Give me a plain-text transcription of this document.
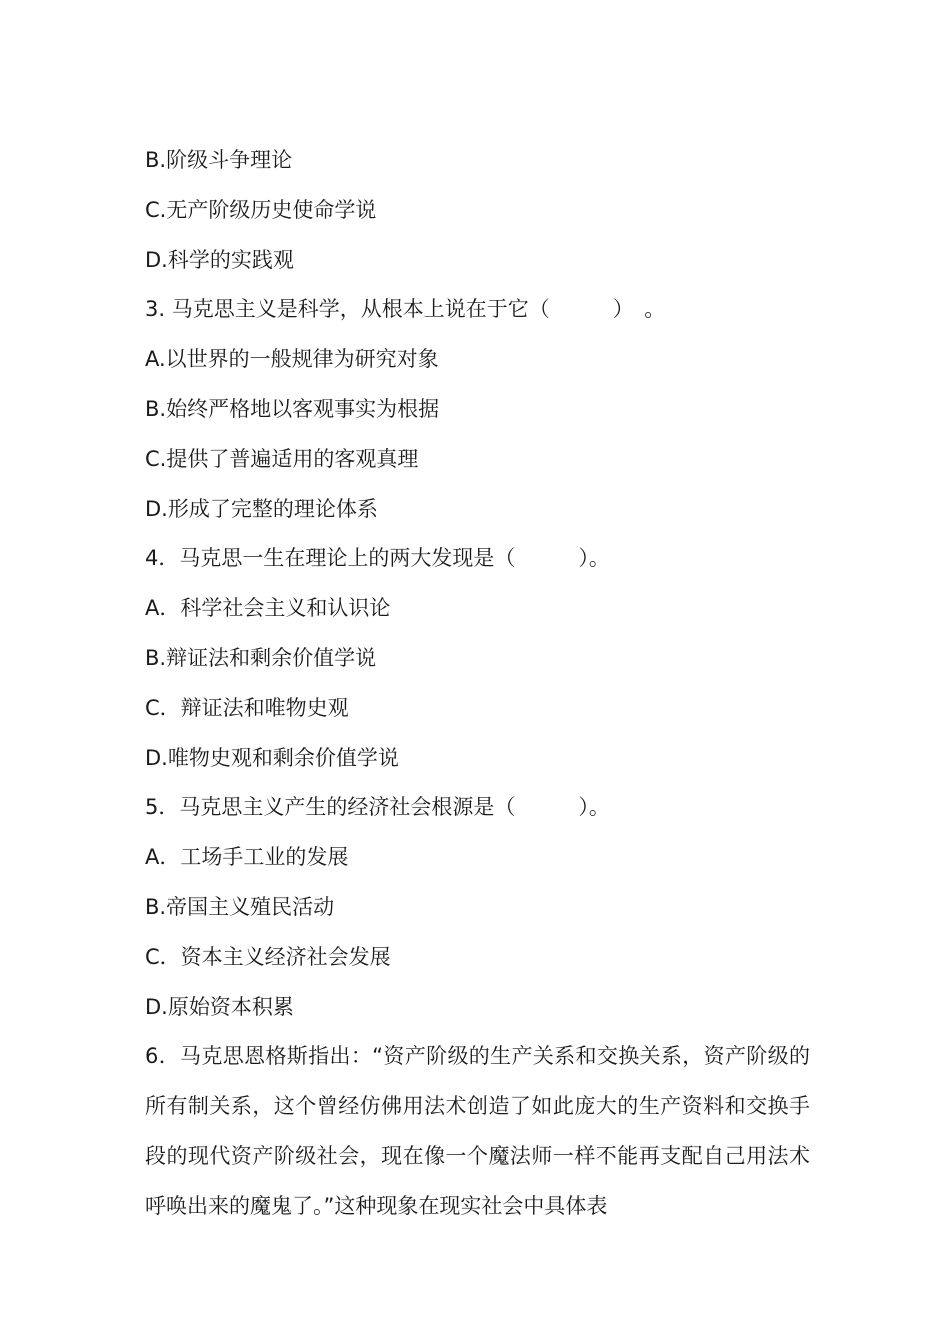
B.阶级斗争理论
C.无产阶级历史使命学说
D.科学的实践观
3. 马克思主义是科学，从根本上说在于它（　　　）　。
A.以世界的一般规律为研究对象
B.始终严格地以客观事实为根据
C.提供了普遍适用的客观真理
D.形成了完整的理论体系
4．马克思一生在理论上的两大发现是（　　　）。
A．科学社会主义和认识论
B.辩证法和剩余价值学说
C．辩证法和唯物史观
D.唯物史观和剩余价值学说
5．马克思主义产生的经济社会根源是（　　　）。
A．工场手工业的发展
B.帝国主义殖民活动
C．资本主义经济社会发展
D.原始资本积累
6．马克思恩格斯指出：“资产阶级的生产关系和交换关系，资产阶级的所有制关系，这个曾经仿佛用法术创造了如此庞大的生产资料和交换手段的现代资产阶级社会，现在像一个魔法师一样不能再支配自己用法术呼唤出来的魔鬼了。”这种现象在现实社会中具体表
